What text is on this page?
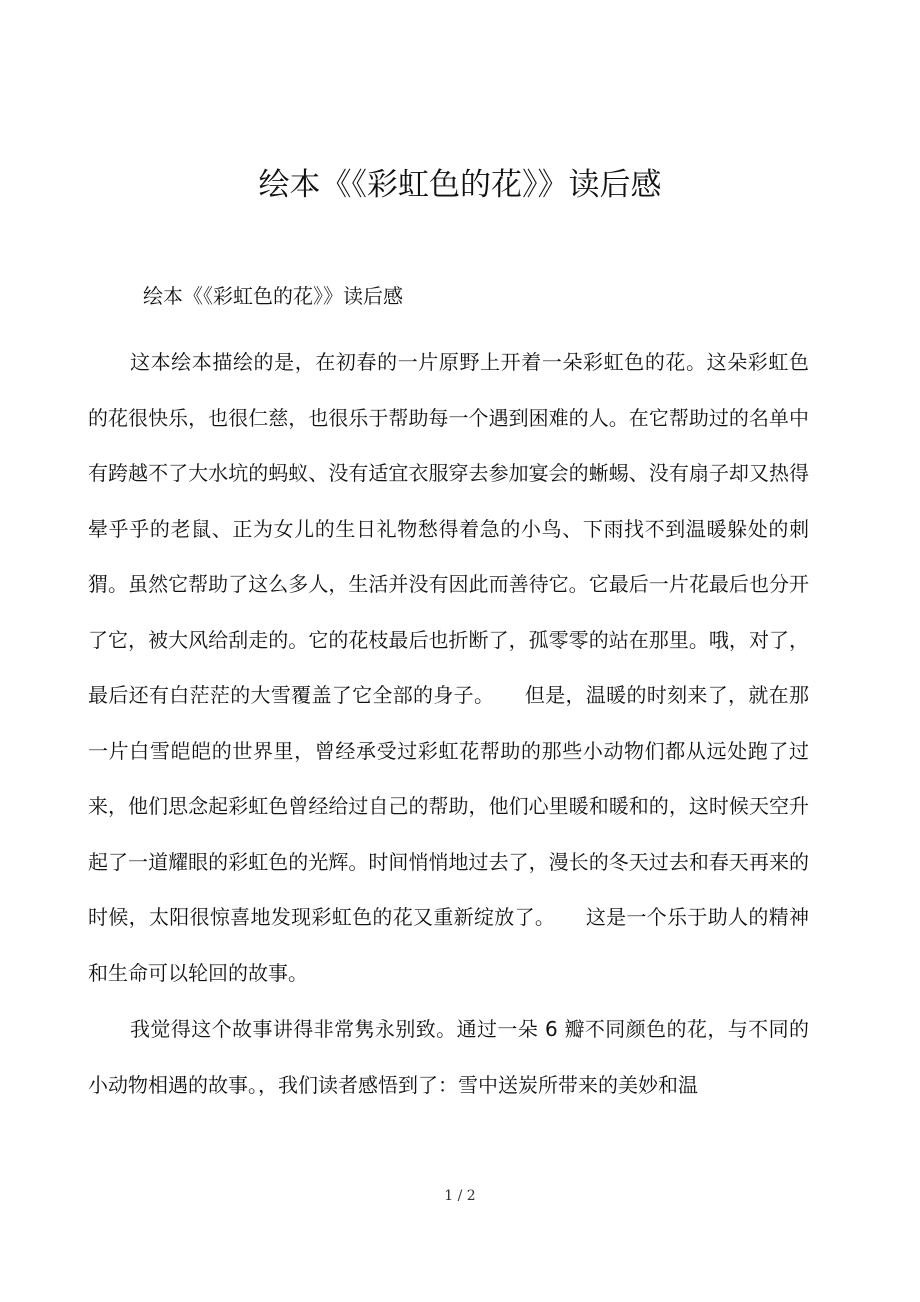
绘本《《彩虹色的花》》读后感

绘本《《彩虹色的花》》读后感

这本绘本描绘的是，在初春的一片原野上开着一朵彩虹色的花。这朵彩虹色的花很快乐，也很仁慈，也很乐于帮助每一个遇到困难的人。在它帮助过的名单中有跨越不了大水坑的蚂蚁、没有适宜衣服穿去参加宴会的蜥蜴、没有扇子却又热得晕乎乎的老鼠、正为女儿的生日礼物愁得着急的小鸟、下雨找不到温暖躲处的刺猬。虽然它帮助了这么多人，生活并没有因此而善待它。它最后一片花最后也分开了它，被大风给刮走的。它的花枝最后也折断了，孤零零的站在那里。哦，对了，最后还有白茫茫的大雪覆盖了它全部的身子。　　但是，温暖的时刻来了，就在那一片白雪皑皑的世界里，曾经承受过彩虹花帮助的那些小动物们都从远处跑了过来，他们思念起彩虹色曾经给过自己的帮助，他们心里暖和暖和的，这时候天空升起了一道耀眼的彩虹色的光辉。时间悄悄地过去了，漫长的冬天过去和春天再来的时候，太阳很惊喜地发现彩虹色的花又重新绽放了。　　这是一个乐于助人的精神和生命可以轮回的故事。

我觉得这个故事讲得非常隽永别致。通过一朵 6 瓣不同颜色的花，与不同的小动物相遇的故事。，我们读者感悟到了：雪中送炭所带来的美妙和温

1 / 2
